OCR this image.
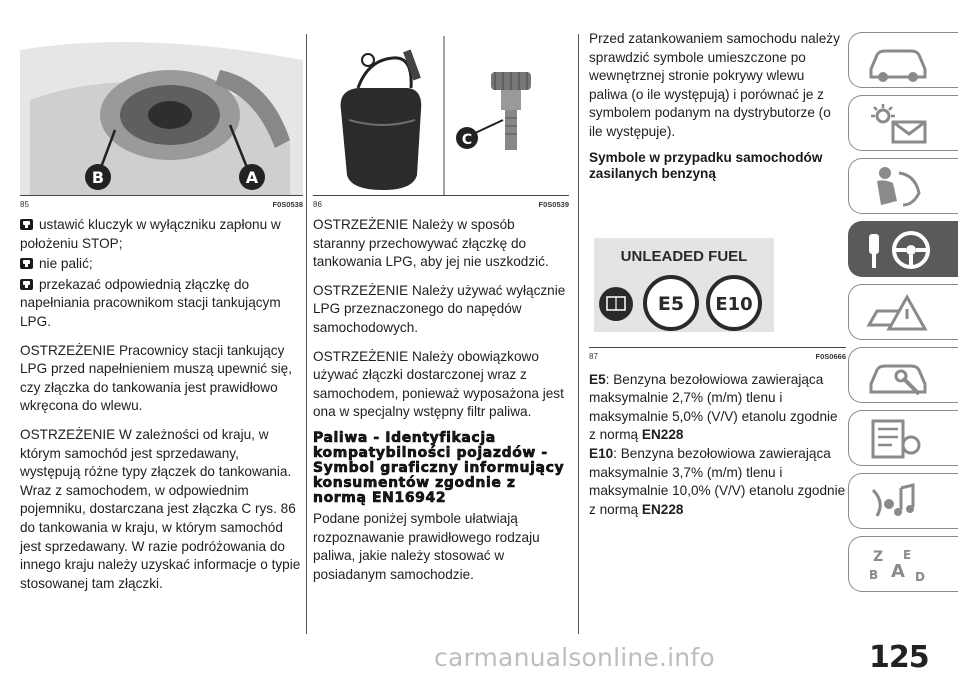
B	A
85	F0S0538

ustawić kluczyk w wyłączniku zapłonu w położeniu STOP;

nie palić;

przekazać odpowiednią złączkę do napełniania pracownikom stacji tankującym LPG.

OSTRZEŻENIE Pracownicy stacji tankujący LPG przed napełnieniem muszą upewnić się, czy złączka do tankowania jest prawidłowo wkręcona do wlewu.

OSTRZEŻENIE W zależności od kraju, w którym samochód jest sprzedawany, występują różne typy złączek do tankowania. Wraz z samochodem, w odpowiednim pojemniku, dostarczana jest złączka C rys. 86 do tankowania w kraju, w którym samochód jest sprzedawany. W razie podróżowania do innego kraju należy uzyskać informacje o typie stosowanej tam złączki.

C
86	F0S0539

OSTRZEŻENIE Należy w sposób staranny przechowywać złączkę do tankowania LPG, aby jej nie uszkodzić.

OSTRZEŻENIE Należy używać wyłącznie LPG przeznaczonego do napędów samochodowych.

OSTRZEŻENIE Należy obowiązkowo używać złączki dostarczonej wraz z samochodem, ponieważ wyposażona jest ona w specjalny wstępny filtr paliwa.

Paliwa - Identyfikacja kompatybilności pojazdów - Symbol graficzny informujący konsumentów zgodnie z normą EN16942

Podane poniżej symbole ułatwiają rozpoznawanie prawidłowego rodzaju paliwa, jakie należy stosować w posiadanym samochodzie.

Przed zatankowaniem samochodu należy sprawdzić symbole umieszczone po wewnętrznej stronie pokrywy wlewu paliwa (o ile występują) i porównać je z symbolem podanym na dystrybutorze (o ile występuje).

Symbole w przypadku samochodów zasilanych benzyną
UNLEADED FUEL
E5 E10
87	F0S0666

E5: Benzyna bezołowiowa zawierająca maksymalnie 2,7% (m/m) tlenu i maksymalnie 5,0% (V/V) etanolu zgodnie z normą EN228

E10: Benzyna bezołowiowa zawierająca maksymalnie 3,7% (m/m) tlenu i maksymalnie 10,0% (V/V) etanolu zgodnie z normą EN228

Z E
B A D
carmanualsonline.info	125
